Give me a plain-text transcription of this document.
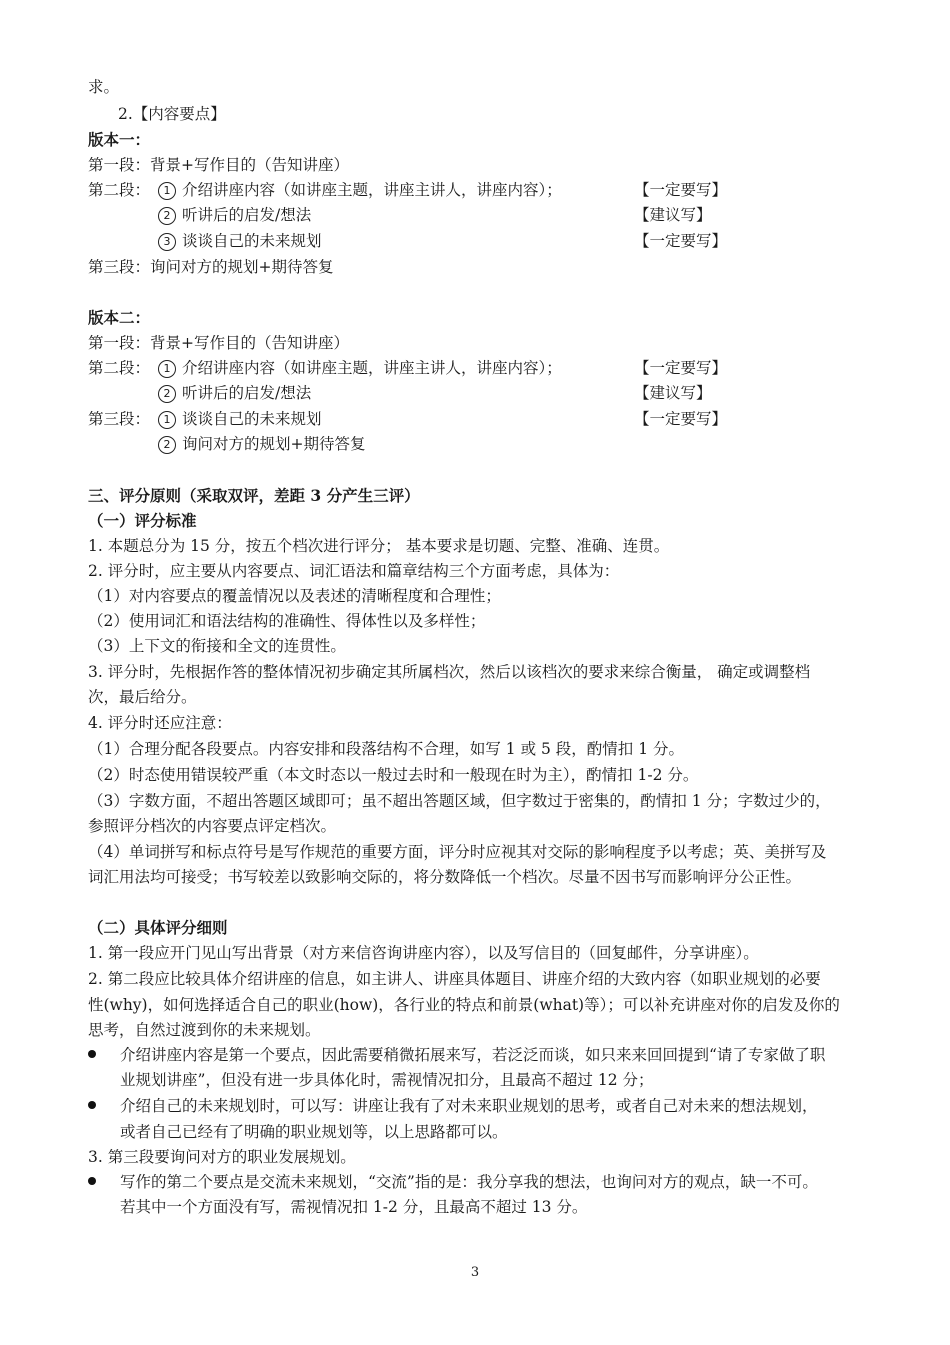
求。
2.【内容要点】
版本一：
第一段：背景+写作目的（告知讲座）
第二段：	1 介绍讲座内容（如讲座主题，讲座主讲人，讲座内容）；	【一定要写】
2 听讲后的启发/想法	【建议写】
3 谈谈自己的未来规划	【一定要写】
第三段：询问对方的规划+期待答复
版本二：
第一段：背景+写作目的（告知讲座）
第二段：	1 介绍讲座内容（如讲座主题，讲座主讲人，讲座内容）；	【一定要写】
2 听讲后的启发/想法	【建议写】
第三段：	1 谈谈自己的未来规划	【一定要写】
2 询问对方的规划+期待答复
三、评分原则（采取双评，差距 3 分产生三评）
（一）评分标准
1. 本题总分为 15 分，按五个档次进行评分； 基本要求是切题、完整、准确、连贯。
2. 评分时，应主要从内容要点、词汇语法和篇章结构三个方面考虑，具体为：
（1）对内容要点的覆盖情况以及表述的清晰程度和合理性；
（2）使用词汇和语法结构的准确性、得体性以及多样性；
（3）上下文的衔接和全文的连贯性。
3. 评分时，先根据作答的整体情况初步确定其所属档次，然后以该档次的要求来综合衡量， 确定或调整档
次，最后给分。
4. 评分时还应注意：
（1）合理分配各段要点。内容安排和段落结构不合理，如写 1 或 5 段，酌情扣 1 分。
（2）时态使用错误较严重（本文时态以一般过去时和一般现在时为主），酌情扣 1-2 分。
（3）字数方面，不超出答题区域即可；虽不超出答题区域，但字数过于密集的，酌情扣 1 分；字数过少的，
参照评分档次的内容要点评定档次。
（4）单词拼写和标点符号是写作规范的重要方面，评分时应视其对交际的影响程度予以考虑；英、美拼写及
词汇用法均可接受；书写较差以致影响交际的，将分数降低一个档次。尽量不因书写而影响评分公正性。
（二）具体评分细则
1. 第一段应开门见山写出背景（对方来信咨询讲座内容），以及写信目的（回复邮件，分享讲座）。
2. 第二段应比较具体介绍讲座的信息，如主讲人、讲座具体题目、讲座介绍的大致内容（如职业规划的必要
性(why)，如何选择适合自己的职业(how)，各行业的特点和前景(what)等）；可以补充讲座对你的启发及你的
思考，自然过渡到你的未来规划。
介绍讲座内容是第一个要点，因此需要稍微拓展来写，若泛泛而谈，如只来来回回提到“请了专家做了职
业规划讲座”，但没有进一步具体化时，需视情况扣分，且最高不超过 12 分；
介绍自己的未来规划时，可以写：讲座让我有了对未来职业规划的思考，或者自己对未来的想法规划，
或者自己已经有了明确的职业规划等，以上思路都可以。
3. 第三段要询问对方的职业发展规划。
写作的第二个要点是交流未来规划，“交流”指的是：我分享我的想法，也询问对方的观点，缺一不可。
若其中一个方面没有写，需视情况扣 1-2 分，且最高不超过 13 分。
3
